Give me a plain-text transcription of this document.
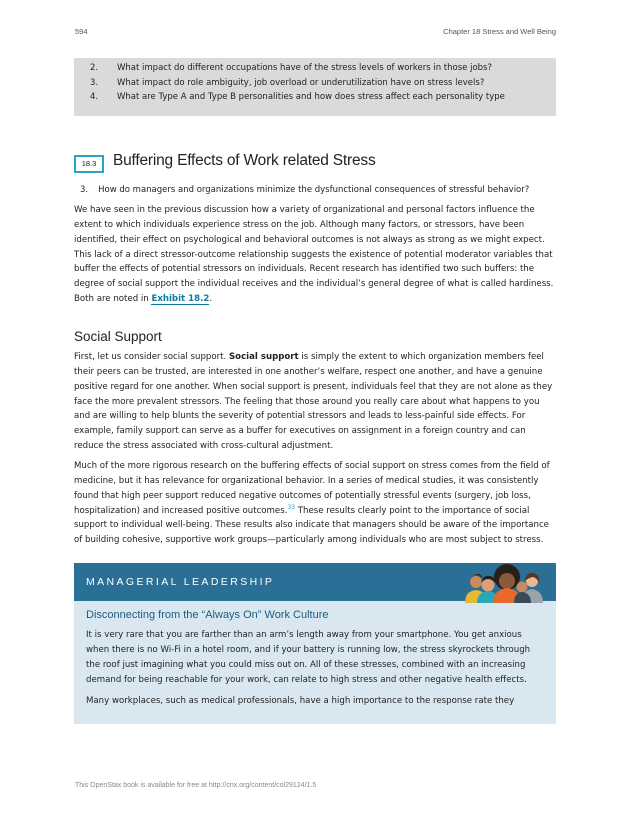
594	Chapter 18 Stress and Well Being
2. What impact do different occupations have of the stress levels of workers in those jobs?
3. What impact do role ambiguity, job overload or underutilization have on stress levels?
4. What are Type A and Type B personalities and how does stress affect each personality type
18.3	Buffering Effects of Work related Stress
3. How do managers and organizations minimize the dysfunctional consequences of stressful behavior?
We have seen in the previous discussion how a variety of organizational and personal factors influence the extent to which individuals experience stress on the job. Although many factors, or stressors, have been identified, their effect on psychological and behavioral outcomes is not always as strong as we might expect. This lack of a direct stressor-outcome relationship suggests the existence of potential moderator variables that buffer the effects of potential stressors on individuals. Recent research has identified two such buffers: the degree of social support the individual receives and the individual’s general degree of what is called hardiness. Both are noted in Exhibit 18.2.
Social Support
First, let us consider social support. Social support is simply the extent to which organization members feel their peers can be trusted, are interested in one another’s welfare, respect one another, and have a genuine positive regard for one another. When social support is present, individuals feel that they are not alone as they face the more prevalent stressors. The feeling that those around you really care about what happens to you and are willing to help blunts the severity of potential stressors and leads to less-painful side effects. For example, family support can serve as a buffer for executives on assignment in a foreign country and can reduce the stress associated with cross-cultural adjustment.
Much of the more rigorous research on the buffering effects of social support on stress comes from the field of medicine, but it has relevance for organizational behavior. In a series of medical studies, it was consistently found that high peer support reduced negative outcomes of potentially stressful events (surgery, job loss, hospitalization) and increased positive outcomes.$^{33}$ These results clearly point to the importance of social support to individual well-being. These results also indicate that managers should be aware of the importance of building cohesive, supportive work groups—particularly among individuals who are most subject to stress.
MANAGERIAL LEADERSHIP
Disconnecting from the “Always On” Work Culture
It is very rare that you are farther than an arm’s length away from your smartphone. You get anxious when there is no Wi-Fi in a hotel room, and if your battery is running low, the stress skyrockets through the roof just imagining what you could miss out on. All of these stresses, combined with an increasing demand for being reachable for your work, can relate to high stress and other negative health effects.
Many workplaces, such as medical professionals, have a high importance to the response rate they
This OpenStax book is available for free at http://cnx.org/content/col29124/1.5
